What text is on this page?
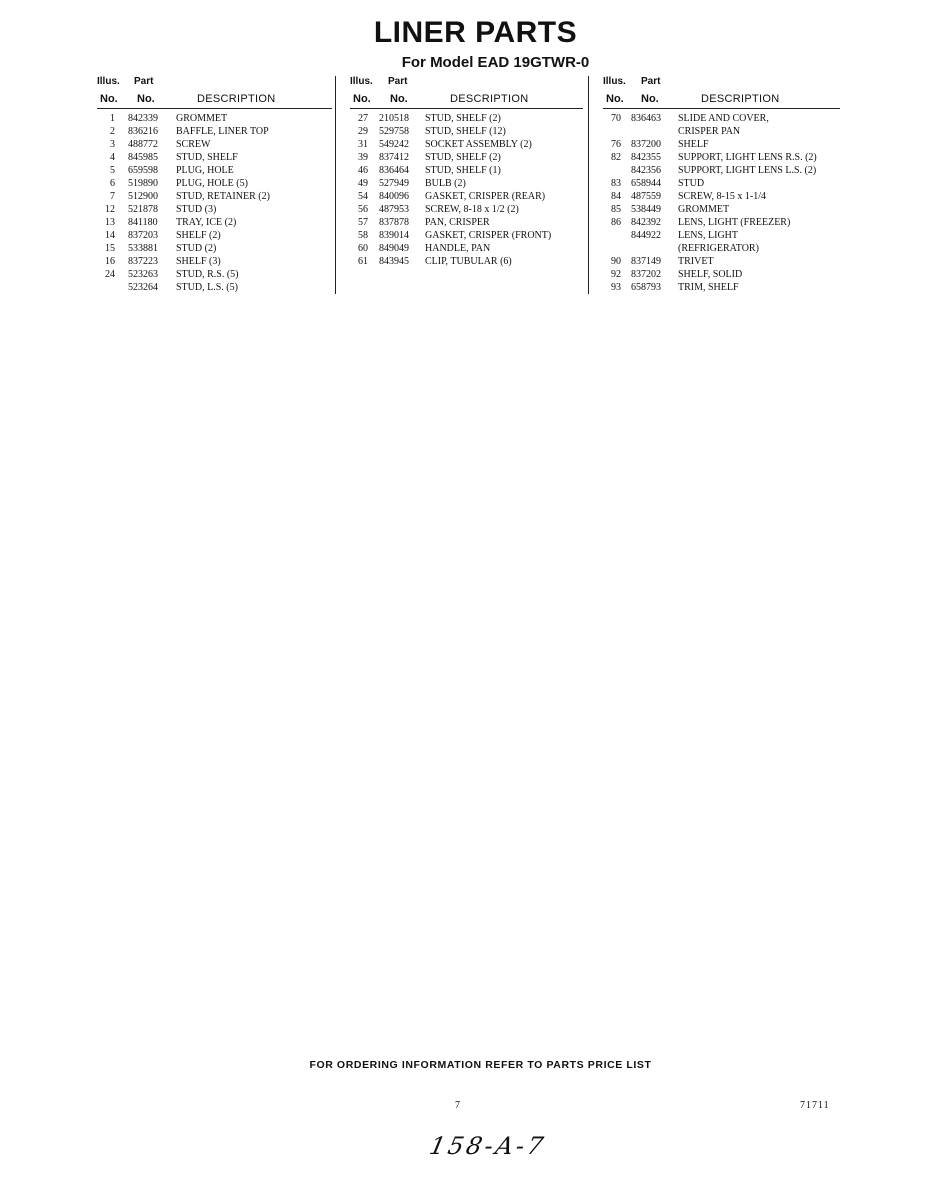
LINER PARTS
For Model EAD 19GTWR-0
Illus. Part
No. No.	DESCRIPTION
1 842339 GROMMET
2 836216 BAFFLE, LINER TOP
3 488772 SCREW
4 845985 STUD, SHELF
5 659598 PLUG, HOLE
6 519890 PLUG, HOLE (5)
7 512900 STUD, RETAINER (2)
12 521878 STUD (3)
13 841180 TRAY, ICE (2)
14 837203 SHELF (2)
15 533881 STUD (2)
16 837223 SHELF (3)
24 523263 STUD, R.S. (5)
523264 STUD, L.S. (5)
Illus. Part
No. No.	DESCRIPTION
27 210518 STUD, SHELF (2)
29 529758 STUD, SHELF (12)
31 549242 SOCKET ASSEMBLY (2)
39 837412 STUD, SHELF (2)
46 836464 STUD, SHELF (1)
49 527949 BULB (2)
54 840096 GASKET, CRISPER (REAR)
56 487953 SCREW, 8-18 x 1/2 (2)
57 837878 PAN, CRISPER
58 839014 GASKET, CRISPER (FRONT)
60 849049 HANDLE, PAN
61 843945 CLIP, TUBULAR (6)
Illus. Part
No. No.	DESCRIPTION
70 836463 SLIDE AND COVER,
CRISPER PAN
76 837200 SHELF
82 842355 SUPPORT, LIGHT LENS R.S. (2)
842356 SUPPORT, LIGHT LENS L.S. (2)
83 658944 STUD
84 487559 SCREW, 8-15 x 1-1/4
85 538449 GROMMET
86 842392 LENS, LIGHT (FREEZER)
844922 LENS, LIGHT
(REFRIGERATOR)
90 837149 TRIVET
92 837202 SHELF, SOLID
93 658793 TRIM, SHELF
FOR ORDERING INFORMATION REFER TO PARTS PRICE LIST
7	71711
158-A-7
